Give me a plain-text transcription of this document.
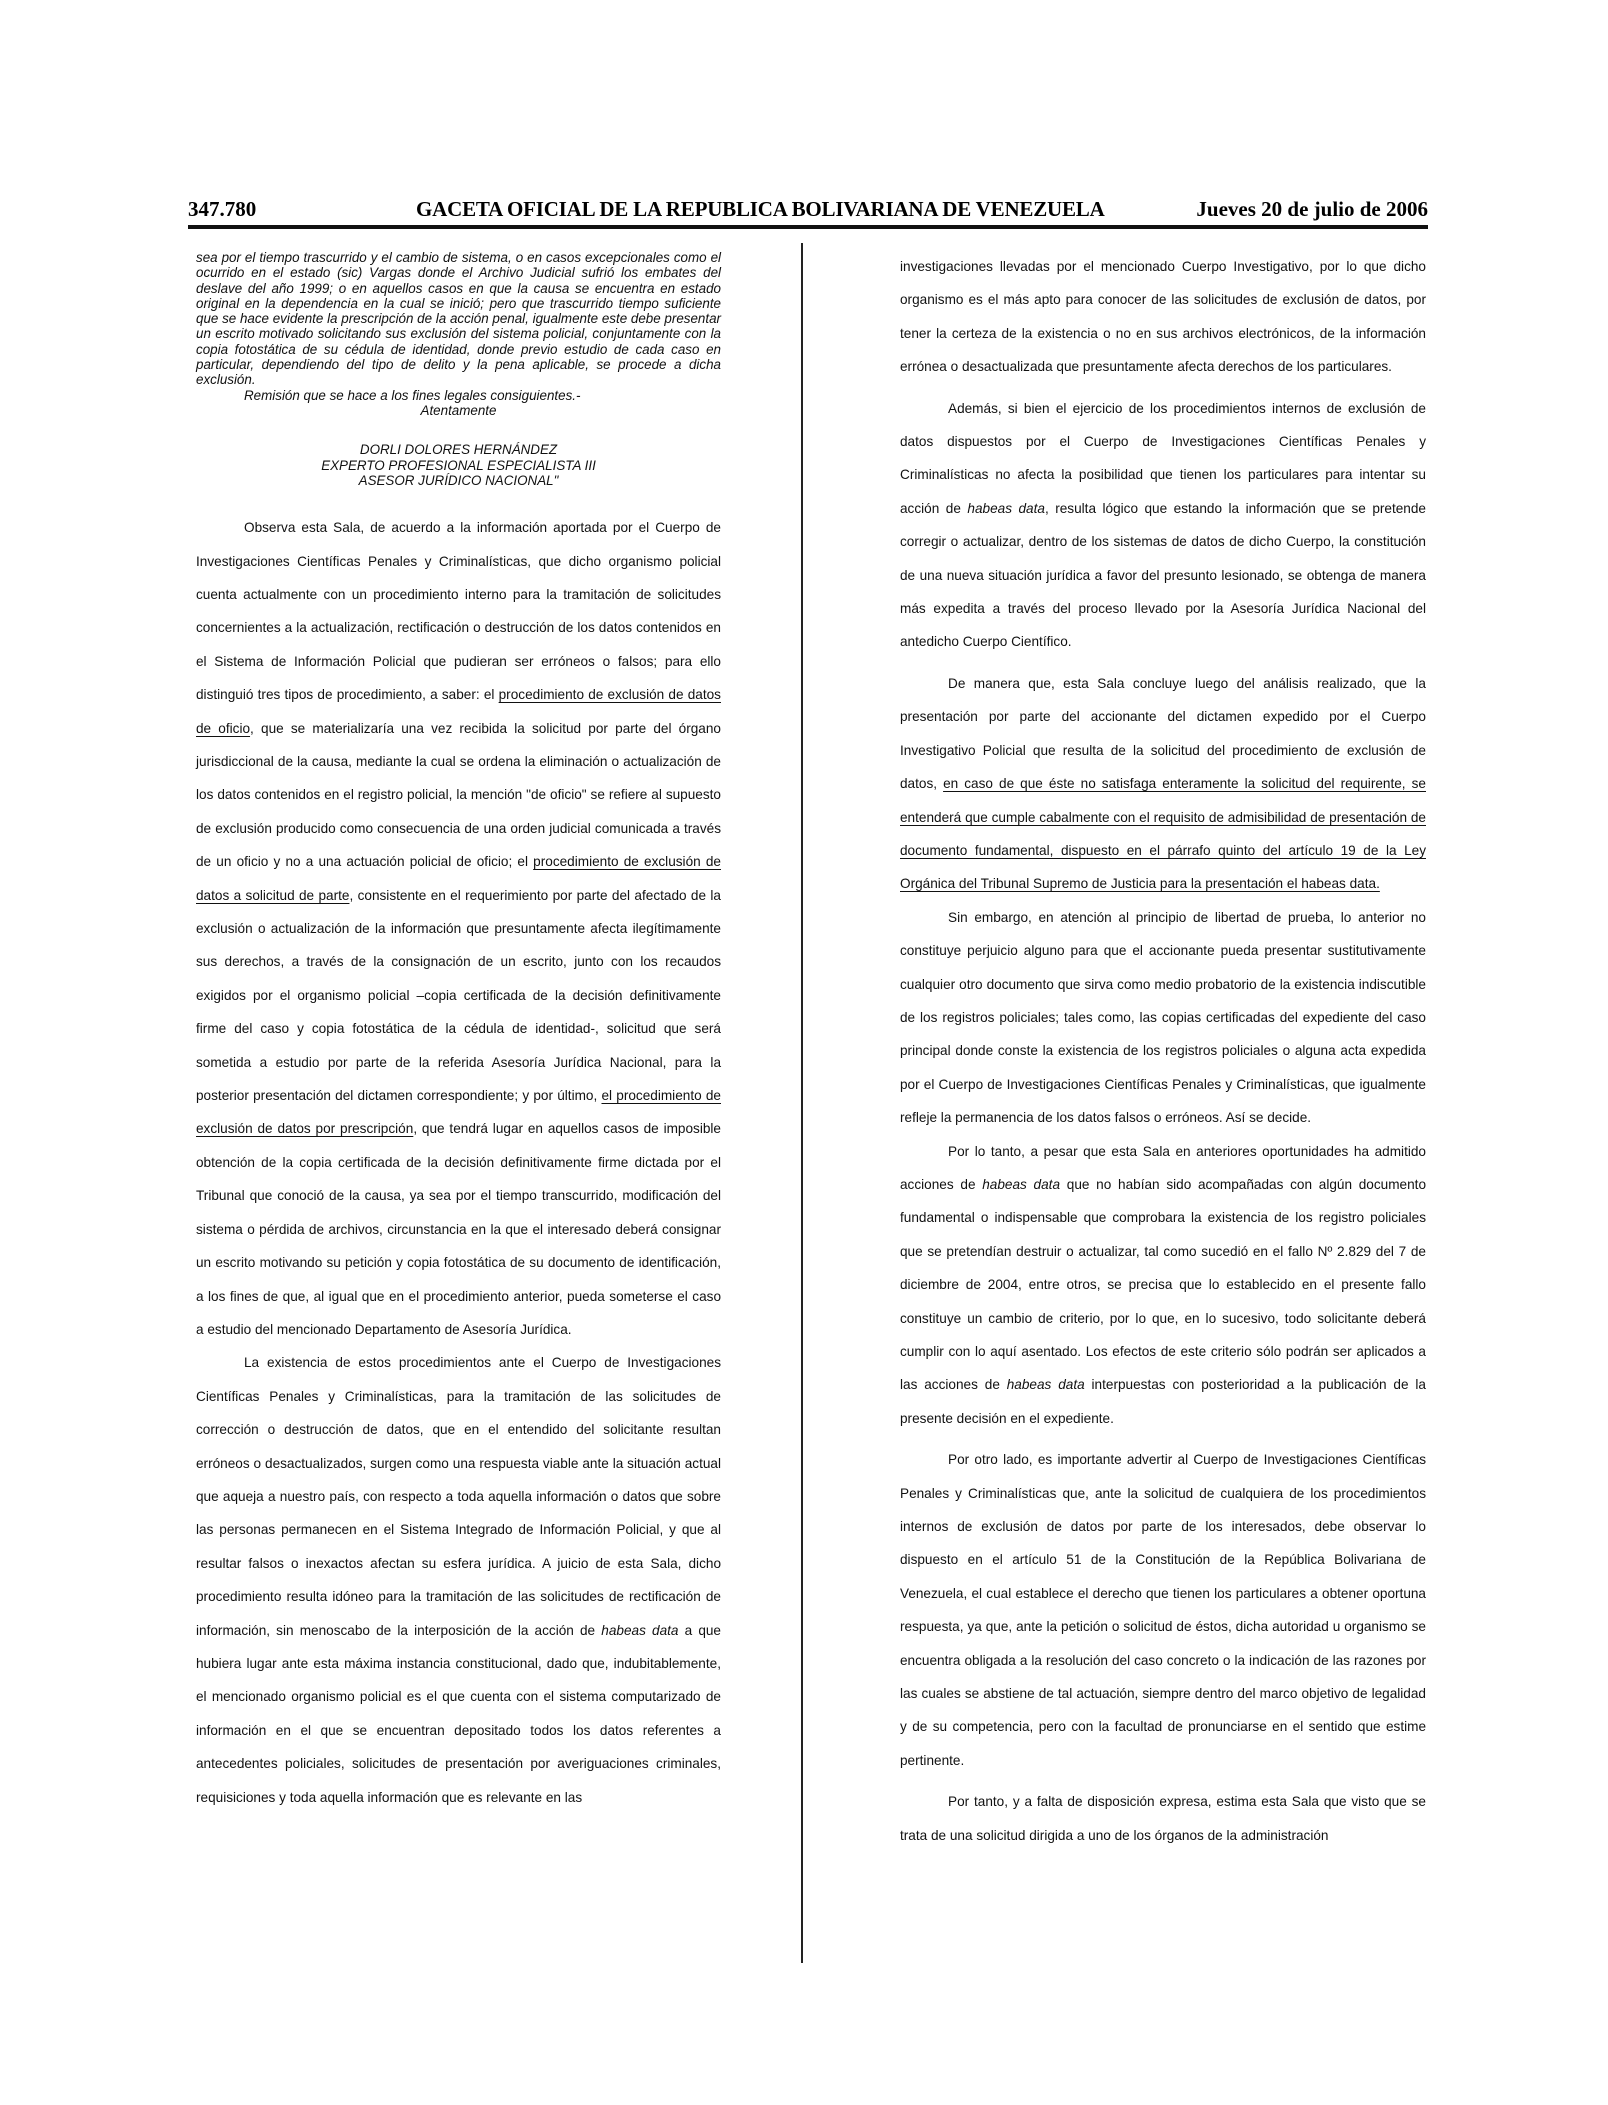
347.780	GACETA OFICIAL DE LA REPUBLICA BOLIVARIANA DE VENEZUELA	Jueves 20 de julio de 2006

sea por el tiempo trascurrido y el cambio de sistema, o en casos excepcionales como el ocurrido en el estado (sic) Vargas donde el Archivo Judicial sufrió los embates del deslave del año 1999; o en aquellos casos en que la causa se encuentra en estado original en la dependencia en la cual se inició; pero que trascurrido tiempo suficiente que se hace evidente la prescripción de la acción penal, igualmente este debe presentar un escrito motivado solicitando sus exclusión del sistema policial, conjuntamente con la copia fotostática de su cédula de identidad, donde previo estudio de cada caso en particular, dependiendo del tipo de delito y la pena aplicable, se procede a dicha exclusión.

Remisión que se hace a los fines legales consiguientes.-

Atentamente

DORLI DOLORES HERNÁNDEZ

EXPERTO PROFESIONAL ESPECIALISTA III

ASESOR JURÍDICO NACIONAL"

Observa esta Sala, de acuerdo a la información aportada por el Cuerpo de Investigaciones Científicas Penales y Criminalísticas, que dicho organismo policial cuenta actualmente con un procedimiento interno para la tramitación de solicitudes concernientes a la actualización, rectificación o destrucción de los datos contenidos en el Sistema de Información Policial que pudieran ser erróneos o falsos; para ello distinguió tres tipos de procedimiento, a saber: el procedimiento de exclusión de datos de oficio, que se materializaría una vez recibida la solicitud por parte del órgano jurisdiccional de la causa, mediante la cual se ordena la eliminación o actualización de los datos contenidos en el registro policial, la mención "de oficio" se refiere al supuesto de exclusión producido como consecuencia de una orden judicial comunicada a través de un oficio y no a una actuación policial de oficio; el procedimiento de exclusión de datos a solicitud de parte, consistente en el requerimiento por parte del afectado de la exclusión o actualización de la información que presuntamente afecta ilegítimamente sus derechos, a través de la consignación de un escrito, junto con los recaudos exigidos por el organismo policial –copia certificada de la decisión definitivamente firme del caso y copia fotostática de la cédula de identidad-, solicitud que será sometida a estudio por parte de la referida Asesoría Jurídica Nacional, para la posterior presentación del dictamen correspondiente; y por último, el procedimiento de exclusión de datos por prescripción, que tendrá lugar en aquellos casos de imposible obtención de la copia certificada de la decisión definitivamente firme dictada por el Tribunal que conoció de la causa, ya sea por el tiempo transcurrido, modificación del sistema o pérdida de archivos, circunstancia en la que el interesado deberá consignar un escrito motivando su petición y copia fotostática de su documento de identificación, a los fines de que, al igual que en el procedimiento anterior, pueda someterse el caso a estudio del mencionado Departamento de Asesoría Jurídica.

La existencia de estos procedimientos ante el Cuerpo de Investigaciones Científicas Penales y Criminalísticas, para la tramitación de las solicitudes de corrección o destrucción de datos, que en el entendido del solicitante resultan erróneos o desactualizados, surgen como una respuesta viable ante la situación actual que aqueja a nuestro país, con respecto a toda aquella información o datos que sobre las personas permanecen en el Sistema Integrado de Información Policial, y que al resultar falsos o inexactos afectan su esfera jurídica. A juicio de esta Sala, dicho procedimiento resulta idóneo para la tramitación de las solicitudes de rectificación de información, sin menoscabo de la interposición de la acción de habeas data a que hubiera lugar ante esta máxima instancia constitucional, dado que, indubitablemente, el mencionado organismo policial es el que cuenta con el sistema computarizado de información en el que se encuentran depositado todos los datos referentes a antecedentes policiales, solicitudes de presentación por averiguaciones criminales, requisiciones y toda aquella información que es relevante en las

investigaciones llevadas por el mencionado Cuerpo Investigativo, por lo que dicho organismo es el más apto para conocer de las solicitudes de exclusión de datos, por tener la certeza de la existencia o no en sus archivos electrónicos, de la información errónea o desactualizada que presuntamente afecta derechos de los particulares.

Además, si bien el ejercicio de los procedimientos internos de exclusión de datos dispuestos por el Cuerpo de Investigaciones Científicas Penales y Criminalísticas no afecta la posibilidad que tienen los particulares para intentar su acción de habeas data, resulta lógico que estando la información que se pretende corregir o actualizar, dentro de los sistemas de datos de dicho Cuerpo, la constitución de una nueva situación jurídica a favor del presunto lesionado, se obtenga de manera más expedita a través del proceso llevado por la Asesoría Jurídica Nacional del antedicho Cuerpo Científico.

De manera que, esta Sala concluye luego del análisis realizado, que la presentación por parte del accionante del dictamen expedido por el Cuerpo Investigativo Policial que resulta de la solicitud del procedimiento de exclusión de datos, en caso de que éste no satisfaga enteramente la solicitud del requirente, se entenderá que cumple cabalmente con el requisito de admisibilidad de presentación de documento fundamental, dispuesto en el párrafo quinto del artículo 19 de la Ley Orgánica del Tribunal Supremo de Justicia para la presentación el habeas data.

Sin embargo, en atención al principio de libertad de prueba, lo anterior no constituye perjuicio alguno para que el accionante pueda presentar sustitutivamente cualquier otro documento que sirva como medio probatorio de la existencia indiscutible de los registros policiales; tales como, las copias certificadas del expediente del caso principal donde conste la existencia de los registros policiales o alguna acta expedida por el Cuerpo de Investigaciones Científicas Penales y Criminalísticas, que igualmente refleje la permanencia de los datos falsos o erróneos. Así se decide.

Por lo tanto, a pesar que esta Sala en anteriores oportunidades ha admitido acciones de habeas data que no habían sido acompañadas con algún documento fundamental o indispensable que comprobara la existencia de los registro policiales que se pretendían destruir o actualizar, tal como sucedió en el fallo Nº 2.829 del 7 de diciembre de 2004, entre otros, se precisa que lo establecido en el presente fallo constituye un cambio de criterio, por lo que, en lo sucesivo, todo solicitante deberá cumplir con lo aquí asentado. Los efectos de este criterio sólo podrán ser aplicados a las acciones de habeas data interpuestas con posterioridad a la publicación de la presente decisión en el expediente.

Por otro lado, es importante advertir al Cuerpo de Investigaciones Científicas Penales y Criminalísticas que, ante la solicitud de cualquiera de los procedimientos internos de exclusión de datos por parte de los interesados, debe observar lo dispuesto en el artículo 51 de la Constitución de la República Bolivariana de Venezuela, el cual establece el derecho que tienen los particulares a obtener oportuna respuesta, ya que, ante la petición o solicitud de éstos, dicha autoridad u organismo se encuentra obligada a la resolución del caso concreto o la indicación de las razones por las cuales se abstiene de tal actuación, siempre dentro del marco objetivo de legalidad y de su competencia, pero con la facultad de pronunciarse en el sentido que estime pertinente.

Por tanto, y a falta de disposición expresa, estima esta Sala que visto que se trata de una solicitud dirigida a uno de los órganos de la administración
